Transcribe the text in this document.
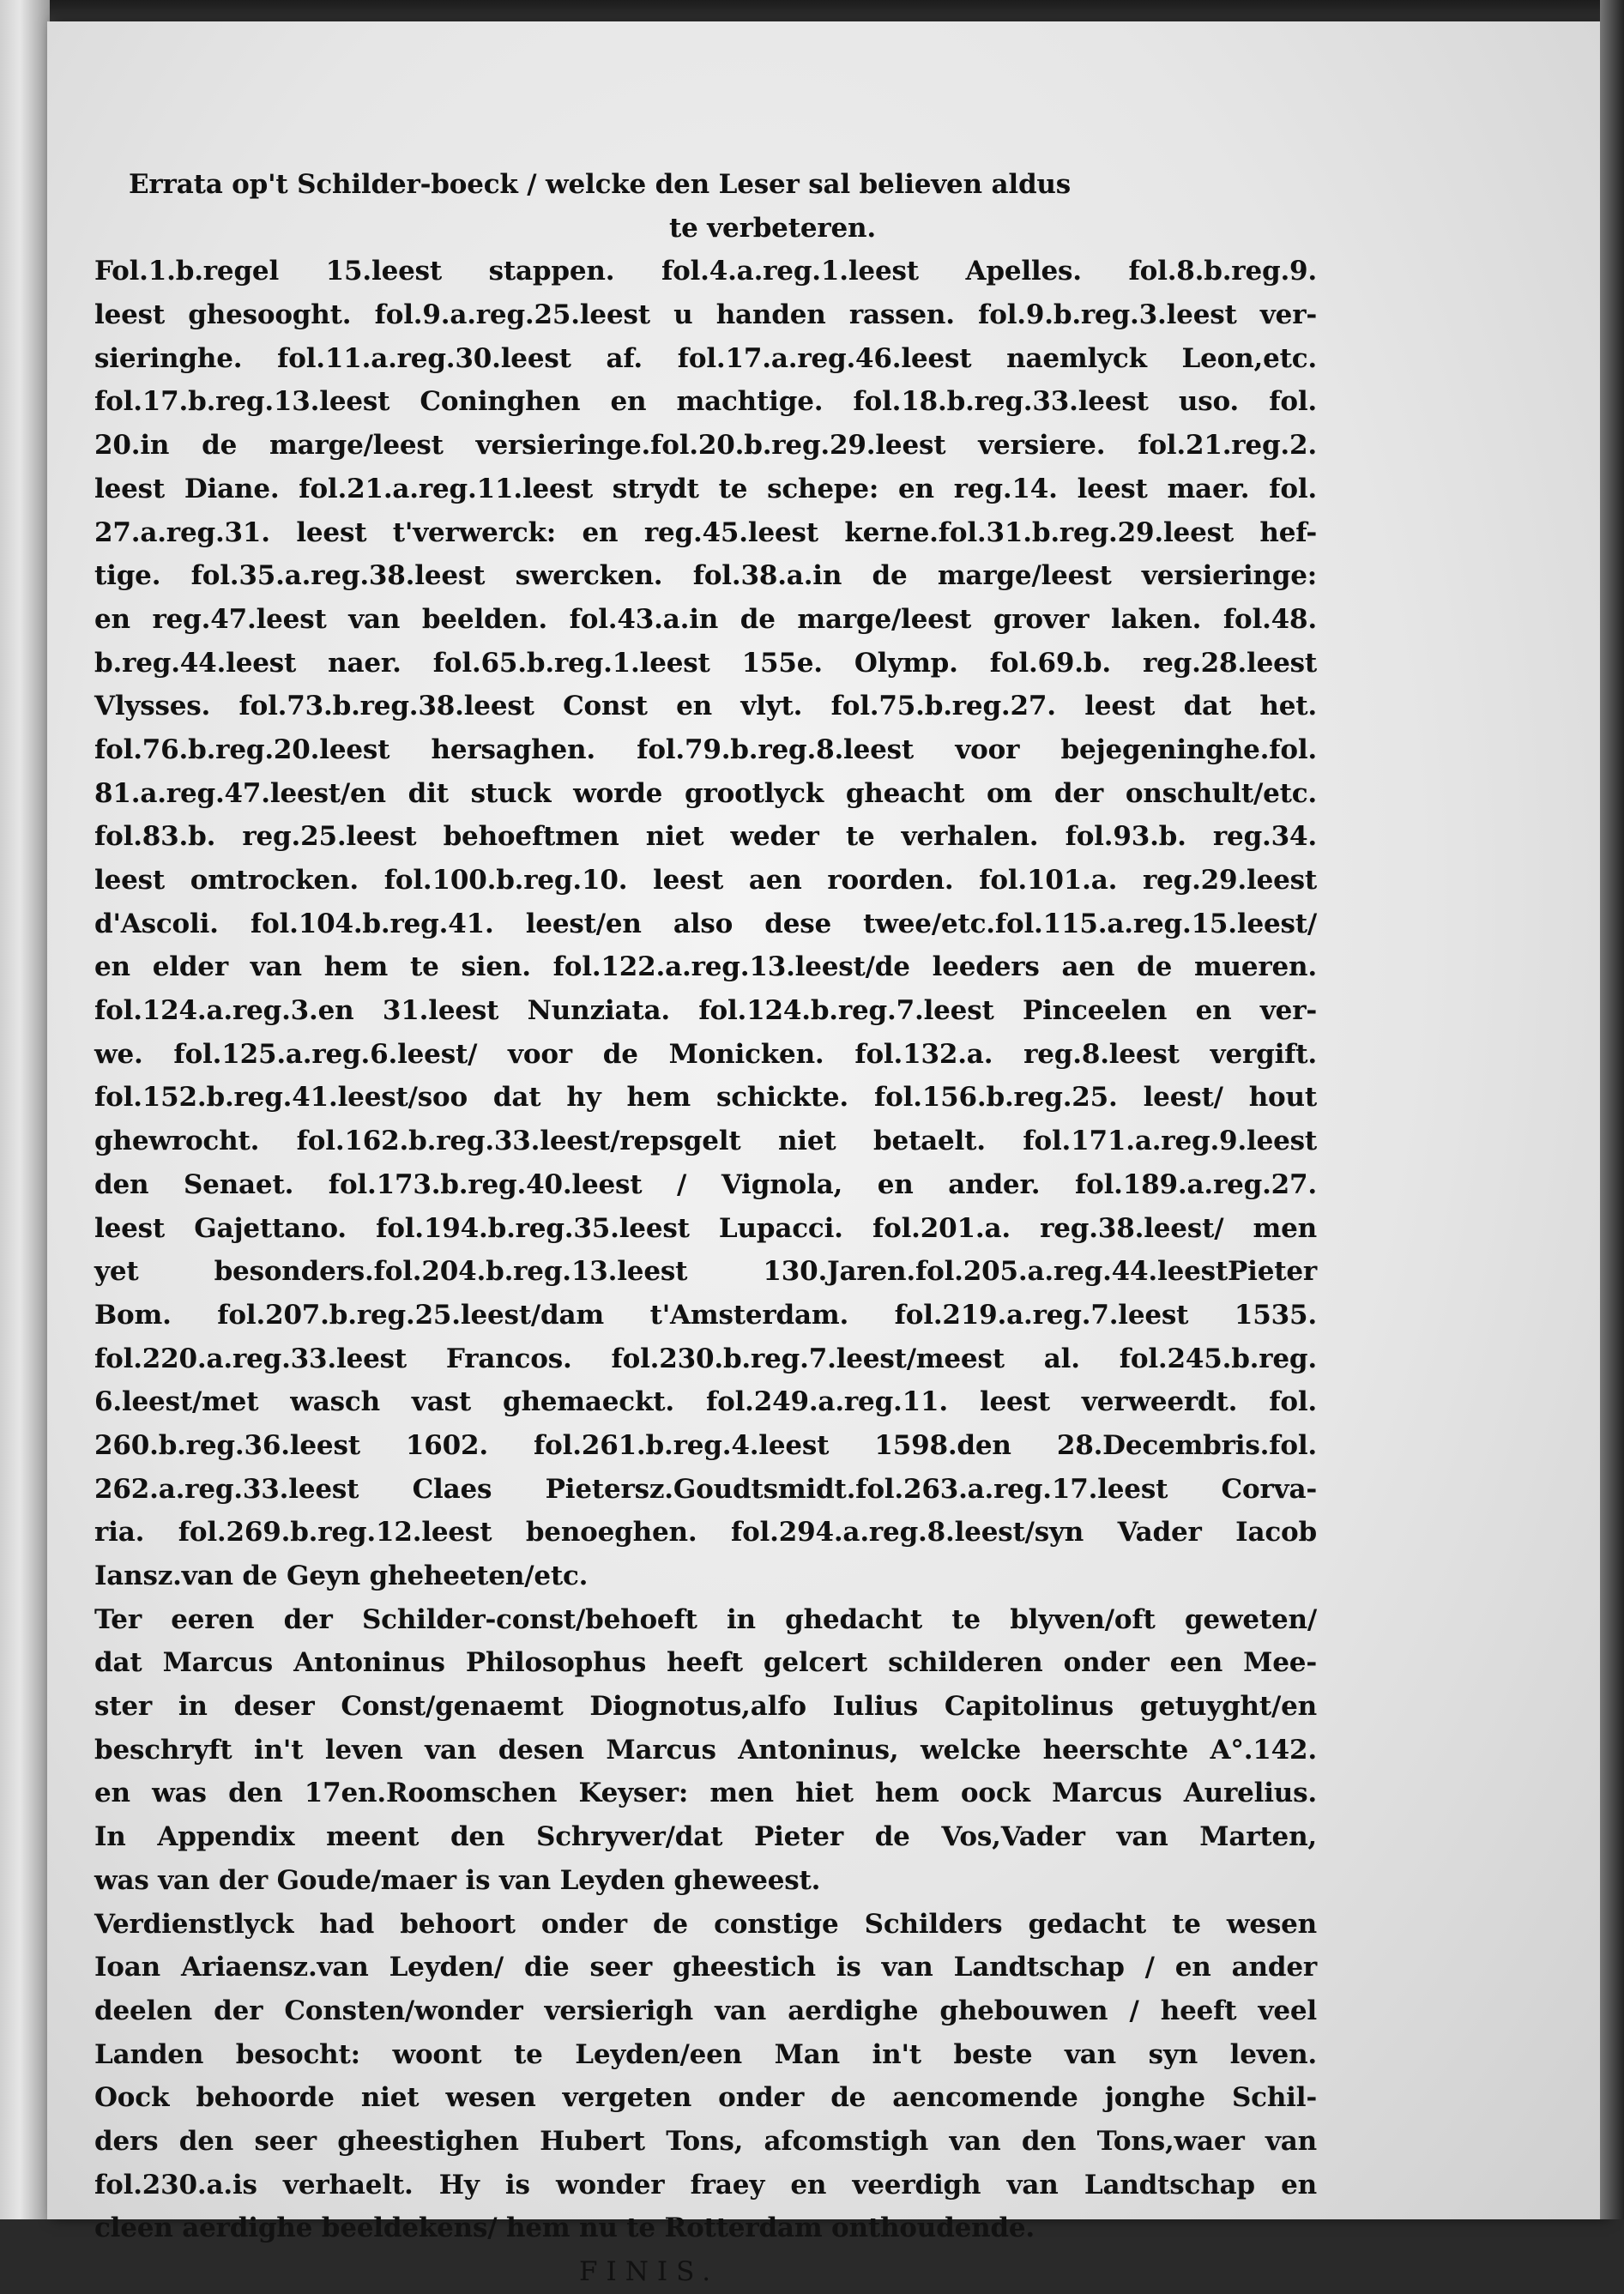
Errata op't Schilder-boeck / welcke den Leser sal believen aldus
te verbeteren.
Fol.1.b.regel 15.leest stappen. fol.4.a.reg.1.leest Apelles. fol.8.b.reg.9.
leest ghesooght. fol.9.a.reg.25.leest u handen rassen. fol.9.b.reg.3.leest ver-
sieringhe. fol.11.a.reg.30.leest af. fol.17.a.reg.46.leest naemlyck Leon,etc.
fol.17.b.reg.13.leest Coninghen en machtige. fol.18.b.reg.33.leest uso. fol.
20.in de marge/leest versieringe.fol.20.b.reg.29.leest versiere. fol.21.reg.2.
leest Diane. fol.21.a.reg.11.leest strydt te schepe: en reg.14. leest maer. fol.
27.a.reg.31. leest t'verwerck: en reg.45.leest kerne.fol.31.b.reg.29.leest hef-
tige. fol.35.a.reg.38.leest swercken. fol.38.a.in de marge/leest versieringe:
en reg.47.leest van beelden. fol.43.a.in de marge/leest grover laken. fol.48.
b.reg.44.leest naer. fol.65.b.reg.1.leest 155e. Olymp. fol.69.b. reg.28.leest
Vlysses. fol.73.b.reg.38.leest Const en vlyt. fol.75.b.reg.27. leest dat het.
fol.76.b.reg.20.leest hersaghen. fol.79.b.reg.8.leest voor bejegeninghe.fol.
81.a.reg.47.leest/en dit stuck worde grootlyck gheacht om der onschult/etc.
fol.83.b. reg.25.leest behoeftmen niet weder te verhalen. fol.93.b. reg.34.
leest omtrocken. fol.100.b.reg.10. leest aen roorden. fol.101.a. reg.29.leest
d'Ascoli. fol.104.b.reg.41. leest/en also dese twee/etc.fol.115.a.reg.15.leest/
en elder van hem te sien. fol.122.a.reg.13.leest/de leeders aen de mueren.
fol.124.a.reg.3.en 31.leest Nunziata. fol.124.b.reg.7.leest Pinceelen en ver-
we. fol.125.a.reg.6.leest/ voor de Monicken. fol.132.a. reg.8.leest vergift.
fol.152.b.reg.41.leest/soo dat hy hem schickte. fol.156.b.reg.25. leest/ hout
ghewrocht. fol.162.b.reg.33.leest/repsgelt niet betaelt. fol.171.a.reg.9.leest
den Senaet. fol.173.b.reg.40.leest / Vignola, en ander. fol.189.a.reg.27.
leest Gajettano. fol.194.b.reg.35.leest Lupacci. fol.201.a. reg.38.leest/ men
yet besonders.fol.204.b.reg.13.leest 130.Jaren.fol.205.a.reg.44.leestPieter
Bom. fol.207.b.reg.25.leest/dam t'Amsterdam. fol.219.a.reg.7.leest 1535.
fol.220.a.reg.33.leest Francos. fol.230.b.reg.7.leest/meest al. fol.245.b.reg.
6.leest/met wasch vast ghemaeckt. fol.249.a.reg.11. leest verweerdt. fol.
260.b.reg.36.leest 1602. fol.261.b.reg.4.leest 1598.den 28.Decembris.fol.
262.a.reg.33.leest Claes Pietersz.Goudtsmidt.fol.263.a.reg.17.leest Corva-
ria. fol.269.b.reg.12.leest benoeghen. fol.294.a.reg.8.leest/syn Vader Iacob
Iansz.van de Geyn gheheeten/etc.
Ter eeren der Schilder-const/behoeft in ghedacht te blyven/oft geweten/
dat Marcus Antoninus Philosophus heeft gelcert schilderen onder een Mee-
ster in deser Const/genaemt Diognotus,alfo Iulius Capitolinus getuyght/en
beschryft in't leven van desen Marcus Antoninus, welcke heerschte A°.142.
en was den 17en.Roomschen Keyser: men hiet hem oock Marcus Aurelius.
In Appendix meent den Schryver/dat Pieter de Vos,Vader van Marten,
was van der Goude/maer is van Leyden gheweest.
Verdienstlyck had behoort onder de constige Schilders gedacht te wesen
Ioan Ariaensz.van Leyden/ die seer gheestich is van Landtschap / en ander
deelen der Consten/wonder versierigh van aerdighe ghebouwen / heeft veel
Landen besocht: woont te Leyden/een Man in't beste van syn leven.
Oock behoorde niet wesen vergeten onder de aencomende jonghe Schil-
ders den seer gheestighen Hubert Tons, afcomstigh van den Tons,waer van
fol.230.a.is verhaelt. Hy is wonder fraey en veerdigh van Landtschap en
cleen aerdighe beeldekens/ hem nu te Rotterdam onthoudende.
FINIS.
